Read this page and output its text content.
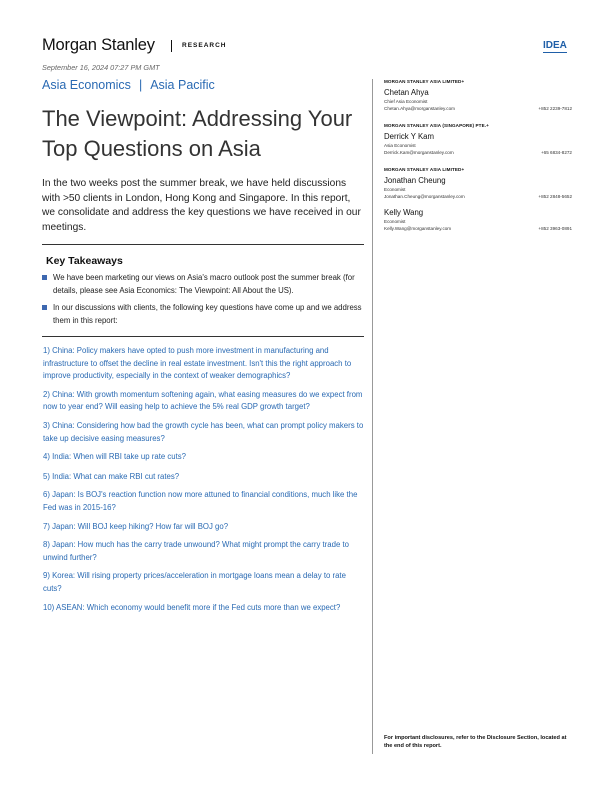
Morgan Stanley	RESEARCH	IDEA
September 16, 2024 07:27 PM GMT
Asia Economics | Asia Pacific
The Viewpoint: Addressing Your Top Questions on Asia

In the two weeks post the summer break, we have held discussions with >50 clients in London, Hong Kong and Singapore. In this report, we consolidate and address the key questions we have received in our meetings.

Key Takeaways
We have been marketing our views on Asia's macro outlook post the summer break (for details, please see Asia Economics: The Viewpoint: All About the US).
In our discussions with clients, the following key questions have come up and we address them in this report:
1) China: Policy makers have opted to push more investment in manufacturing and infrastructure to offset the decline in real estate investment. Isn't this the right approach to improve productivity, especially in the context of weaker demographics?
2) China: With growth momentum softening again, what easing measures do we expect from now to year end? Will easing help to achieve the 5% real GDP growth target?
3) China: Considering how bad the growth cycle has been, what can prompt policy makers to take up decisive easing measures?
4) India: When will RBI take up rate cuts?
5) India: What can make RBI cut rates?
6) Japan: Is BOJ's reaction function now more attuned to financial conditions, much like the Fed was in 2015-16?
7) Japan: Will BOJ keep hiking? How far will BOJ go?
8) Japan: How much has the carry trade unwound? What might prompt the carry trade to unwind further?
9) Korea: Will rising property prices/acceleration in mortgage loans mean a delay to rate cuts?
10) ASEAN: Which economy would benefit more if the Fed cuts more than we expect?
MORGAN STANLEY ASIA LIMITED+
Chetan Ahya
Chief Asia Economist
Chetan.Ahya@morganstanley.com	+852 2239-7812
MORGAN STANLEY ASIA (SINGAPORE) PTE.+
Derrick Y Kam
Asia Economist
Derrick.Kam@morganstanley.com	+65 6834-8272
MORGAN STANLEY ASIA LIMITED+
Jonathan Cheung
Economist
Jonathan.Cheung@morganstanley.com	+852 2848-5652
Kelly Wang
Economist
Kelly.Wang@morganstanley.com	+852 3963-0891
For important disclosures, refer to the Disclosure Section, located at the end of this report.
